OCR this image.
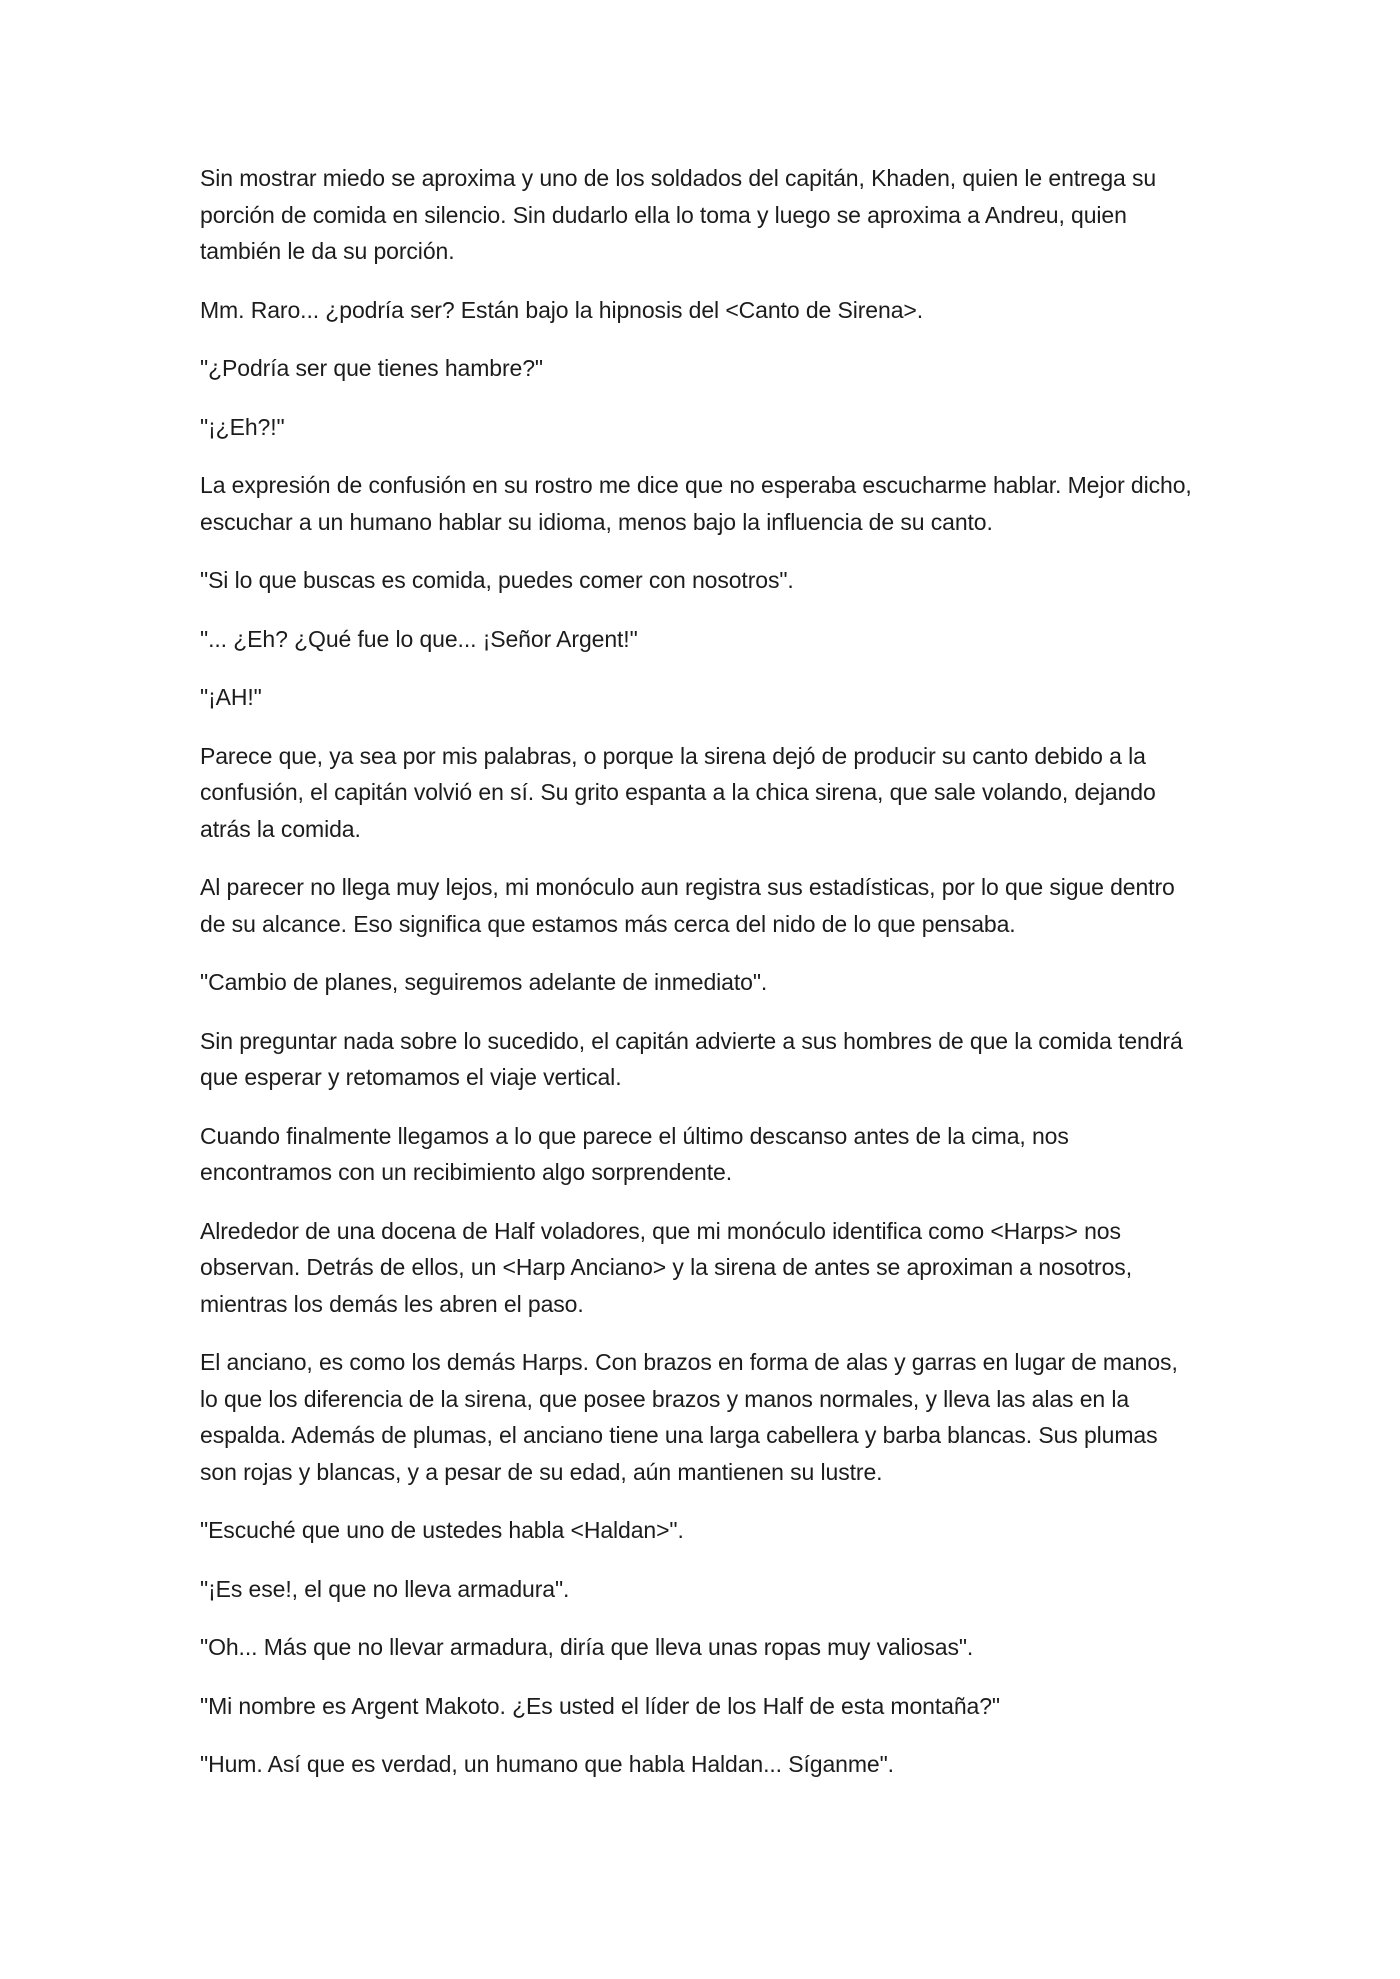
Sin mostrar miedo se aproxima y uno de los soldados del capitán, Khaden, quien le entrega su porción de comida en silencio. Sin dudarlo ella lo toma y luego se aproxima a Andreu, quien también le da su porción.

Mm. Raro... ¿podría ser? Están bajo la hipnosis del <Canto de Sirena>.

"¿Podría ser que tienes hambre?"

"¡¿Eh?!"

La expresión de confusión en su rostro me dice que no esperaba escucharme hablar. Mejor dicho, escuchar a un humano hablar su idioma, menos bajo la influencia de su canto.

"Si lo que buscas es comida, puedes comer con nosotros".

"... ¿Eh? ¿Qué fue lo que... ¡Señor Argent!"

"¡AH!"

Parece que, ya sea por mis palabras, o porque la sirena dejó de producir su canto debido a la confusión, el capitán volvió en sí. Su grito espanta a la chica sirena, que sale volando, dejando atrás la comida.

Al parecer no llega muy lejos, mi monóculo aun registra sus estadísticas, por lo que sigue dentro de su alcance. Eso significa que estamos más cerca del nido de lo que pensaba.

"Cambio de planes, seguiremos adelante de inmediato".

Sin preguntar nada sobre lo sucedido, el capitán advierte a sus hombres de que la comida tendrá que esperar y retomamos el viaje vertical.

Cuando finalmente llegamos a lo que parece el último descanso antes de la cima, nos encontramos con un recibimiento algo sorprendente.

Alrededor de una docena de Half voladores, que mi monóculo identifica como <Harps> nos observan. Detrás de ellos, un <Harp Anciano> y la sirena de antes se aproximan a nosotros, mientras los demás les abren el paso.

El anciano, es como los demás Harps. Con brazos en forma de alas y garras en lugar de manos, lo que los diferencia de la sirena, que posee brazos y manos normales, y lleva las alas en la espalda. Además de plumas, el anciano tiene una larga cabellera y barba blancas. Sus plumas son rojas y blancas, y a pesar de su edad, aún mantienen su lustre.

"Escuché que uno de ustedes habla <Haldan>".

"¡Es ese!, el que no lleva armadura".

"Oh... Más que no llevar armadura, diría que lleva unas ropas muy valiosas".

"Mi nombre es Argent Makoto. ¿Es usted el líder de los Half de esta montaña?"

"Hum. Así que es verdad, un humano que habla Haldan... Síganme".
